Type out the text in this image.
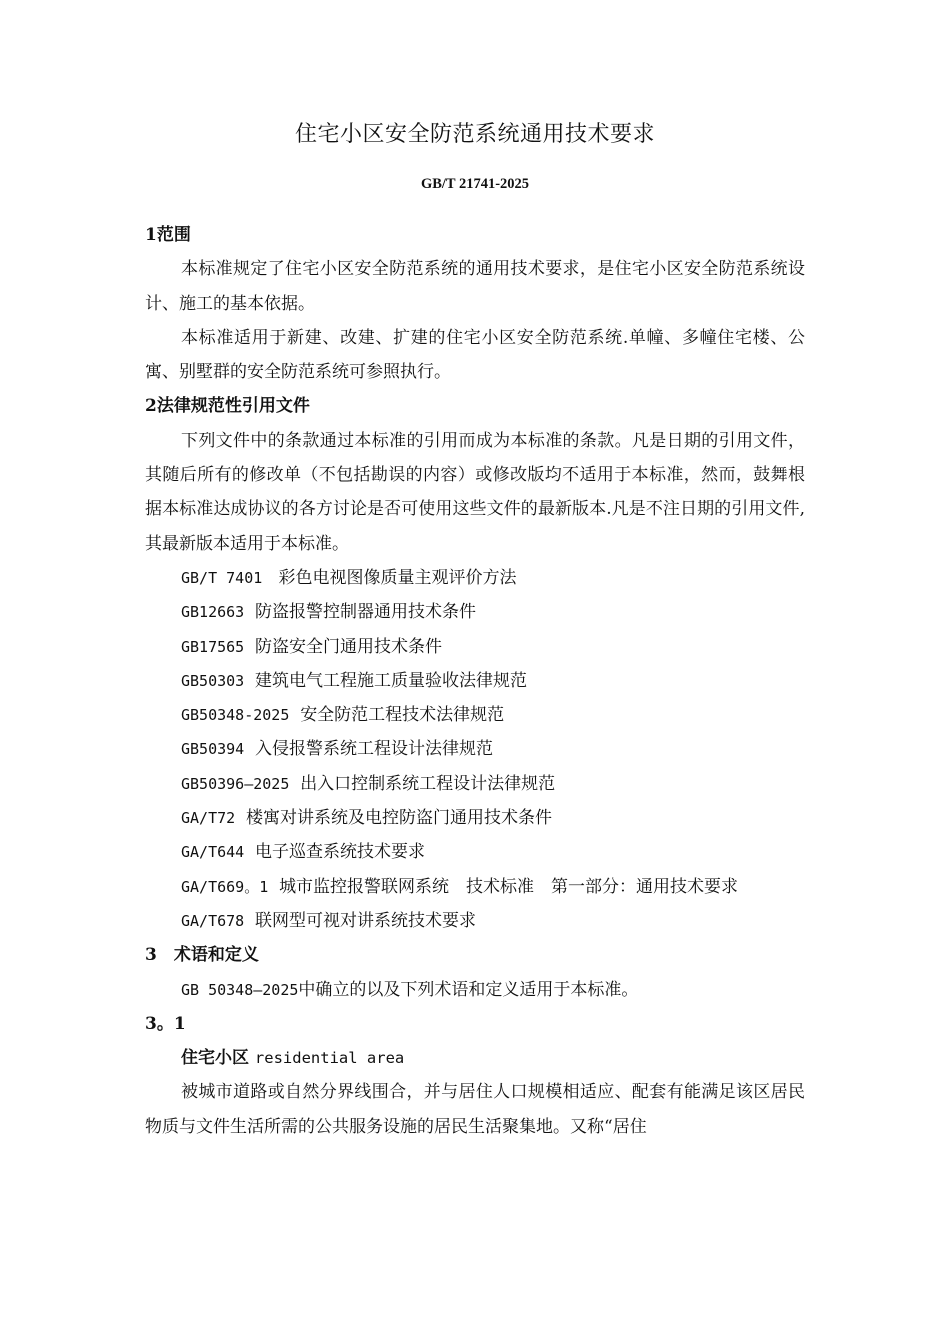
住宅小区安全防范系统通用技术要求
GB/T 21741-2025

1范围

本标准规定了住宅小区安全防范系统的通用技术要求，是住宅小区安全防范系统设计、施工的基本依据。

本标准适用于新建、改建、扩建的住宅小区安全防范系统.单幢、多幢住宅楼、公寓、别墅群的安全防范系统可参照执行。

2法律规范性引用文件

下列文件中的条款通过本标准的引用而成为本标准的条款。凡是日期的引用文件，其随后所有的修改单（不包括勘误的内容）或修改版均不适用于本标准，然而，鼓舞根据本标准达成协议的各方讨论是否可使用这些文件的最新版本.凡是不注日期的引用文件,其最新版本适用于本标准。

GB/T 7401 彩色电视图像质量主观评价方法

GB12663 防盗报警控制器通用技术条件

GB17565 防盗安全门通用技术条件

GB50303 建筑电气工程施工质量验收法律规范

GB50348-2025 安全防范工程技术法律规范

GB50394 入侵报警系统工程设计法律规范

GB50396—2025 出入口控制系统工程设计法律规范

GA/T72 楼寓对讲系统及电控防盗门通用技术条件

GA/T644 电子巡查系统技术要求

GA/T669。1 城市监控报警联网系统　技术标准　第一部分：通用技术要求

GA/T678 联网型可视对讲系统技术要求

3　术语和定义

GB 50348—2025中确立的以及下列术语和定义适用于本标准。

3。1

住宅小区 residential area

被城市道路或自然分界线围合，并与居住人口规模相适应、配套有能满足该区居民物质与文件生活所需的公共服务设施的居民生活聚集地。又称“居住
